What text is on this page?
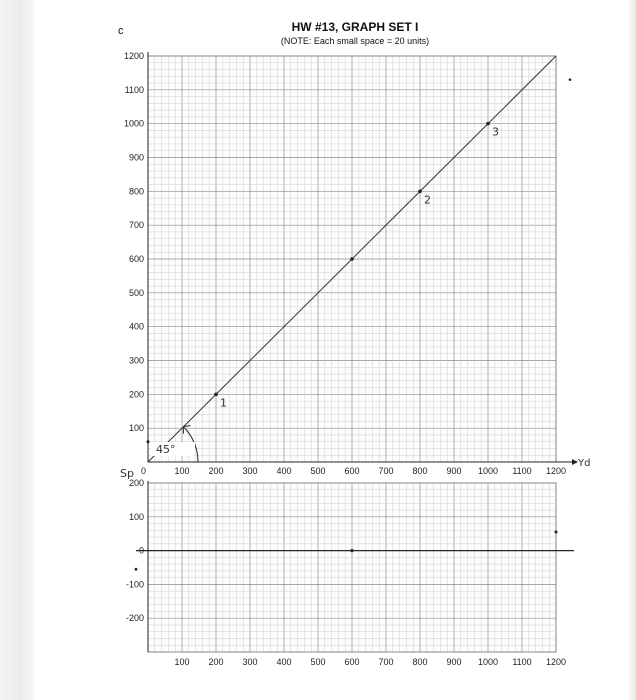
c	HW #13, GRAPH SET I
(NOTE: Each small space = 20 units)
100 200 300 400 500 600 700 800 900 1000 1100 1200
100
200
300
400
500
600
700
800
900
1000
1100
1200
0
Sp
Yd
1
2
3
45°
100 200 300 400 500 600 700 800 900 1000 1100 1200
200
100
0
-100
-200
